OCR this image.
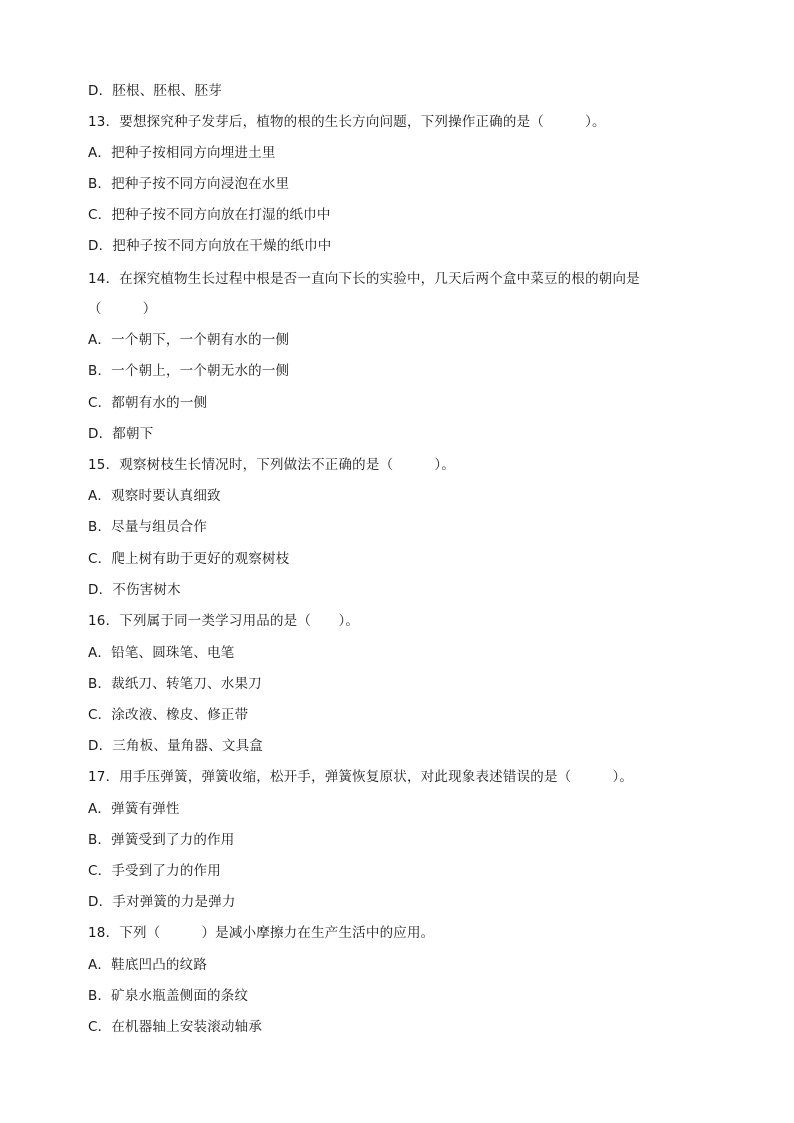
D．胚根、胚根、胚芽
13．要想探究种子发芽后，植物的根的生长方向问题，下列操作正确的是（　　　）。
A．把种子按相同方向埋进土里
B．把种子按不同方向浸泡在水里
C．把种子按不同方向放在打湿的纸巾中
D．把种子按不同方向放在干燥的纸巾中
14．在探究植物生长过程中根是否一直向下长的实验中，几天后两个盒中菜豆的根的朝向是
（　　　）
A．一个朝下，一个朝有水的一侧
B．一个朝上，一个朝无水的一侧
C．都朝有水的一侧
D．都朝下
15．观察树枝生长情况时，下列做法不正确的是（　　　）。
A．观察时要认真细致
B．尽量与组员合作
C．爬上树有助于更好的观察树枝
D．不伤害树木
16．下列属于同一类学习用品的是（　　）。
A．铅笔、圆珠笔、电笔
B．裁纸刀、转笔刀、水果刀
C．涂改液、橡皮、修正带
D．三角板、量角器、文具盒
17．用手压弹簧，弹簧收缩，松开手，弹簧恢复原状，对此现象表述错误的是（　　　）。
A．弹簧有弹性
B．弹簧受到了力的作用
C．手受到了力的作用
D．手对弹簧的力是弹力
18．下列（　　　）是减小摩擦力在生产生活中的应用。
A．鞋底凹凸的纹路
B．矿泉水瓶盖侧面的条纹
C．在机器轴上安装滚动轴承
